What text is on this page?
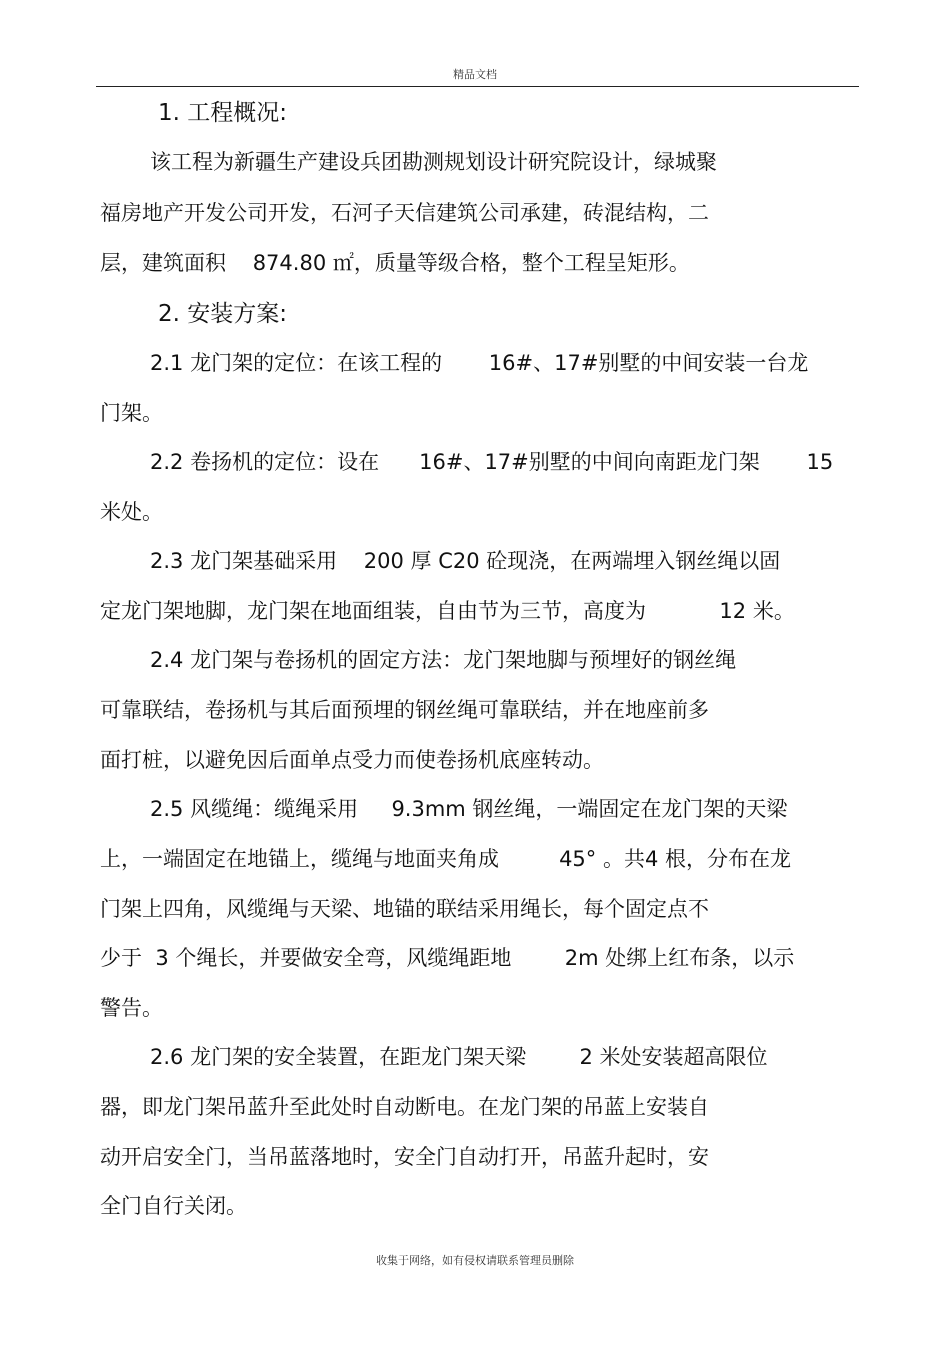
精品文档
1. 工程概况:
该工程为新疆生产建设兵团勘测规划设计研究院设计，绿城聚
福房地产开发公司开发，石河子天信建筑公司承建，砖混结构，二
层，建筑面积    874.80 ㎡，质量等级合格，整个工程呈矩形。
2. 安装方案:
2.1 龙门架的定位：在该工程的       16#、17#别墅的中间安装一台龙
门架。
2.2 卷扬机的定位：设在      16#、17#别墅的中间向南距龙门架       15
米处。
2.3 龙门架基础采用    200 厚 C20 砼现浇，在两端埋入钢丝绳以固
定龙门架地脚，龙门架在地面组装，自由节为三节，高度为           12 米。
2.4 龙门架与卷扬机的固定方法：龙门架地脚与预埋好的钢丝绳
可靠联结，卷扬机与其后面预埋的钢丝绳可靠联结，并在地座前多
面打桩，以避免因后面单点受力而使卷扬机底座转动。
2.5 风缆绳：缆绳采用     9.3mm 钢丝绳，一端固定在龙门架的天梁
上，一端固定在地锚上，缆绳与地面夹角成         45° 。共4 根，分布在龙
门架上四角，风缆绳与天梁、地锚的联结采用绳长，每个固定点不
少于  3 个绳长，并要做安全弯，风缆绳距地        2m 处绑上红布条，以示
警告。
2.6 龙门架的安全装置，在距龙门架天梁        2 米处安装超高限位
器，即龙门架吊蓝升至此处时自动断电。在龙门架的吊蓝上安装自
动开启安全门，当吊蓝落地时，安全门自动打开，吊蓝升起时，安
全门自行关闭。
收集于网络，如有侵权请联系管理员删除
